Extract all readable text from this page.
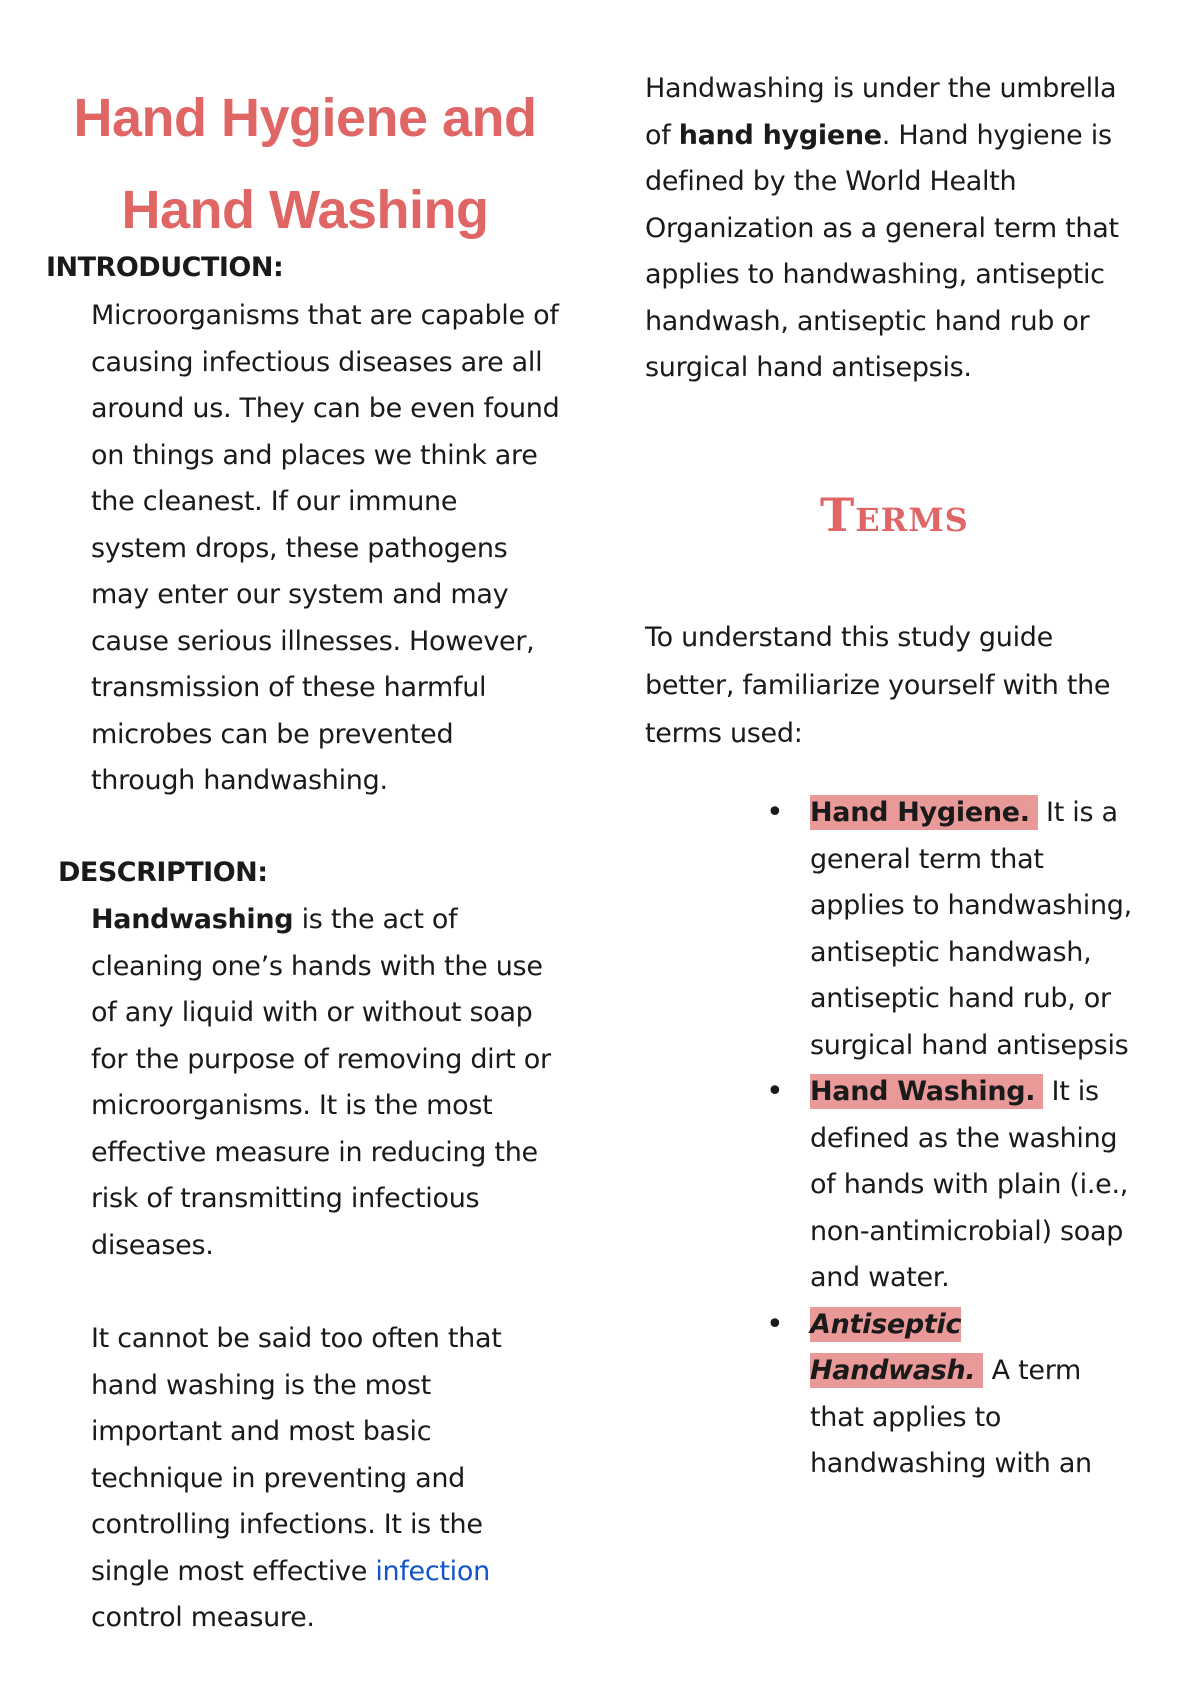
Hand Hygiene and
Hand Washing
INTRODUCTION:

Microorganisms that are capable of causing infectious diseases are all around us. They can be even found on things and places we think are the cleanest. If our immune system drops, these pathogens may enter our system and may cause serious illnesses. However, transmission of these harmful microbes can be prevented through handwashing.

DESCRIPTION:

Handwashing is the act of cleaning one’s hands with the use of any liquid with or without soap for the purpose of removing dirt or microorganisms. It is the most effective measure in reducing the risk of transmitting infectious diseases.

It cannot be said too often that hand washing is the most important and most basic technique in preventing and controlling infections. It is the single most effective infection control measure.

Handwashing is under the umbrella of hand hygiene. Hand hygiene is defined by the World Health Organization as a general term that applies to handwashing, antiseptic handwash, antiseptic hand rub or surgical hand antisepsis.

Terms

To understand this study guide better, familiarize yourself with the terms used:

• Hand Hygiene. It is a general term that applies to handwashing, antiseptic handwash, antiseptic hand rub, or surgical hand antisepsis
• Hand Washing. It is defined as the washing of hands with plain (i.e., non-antimicrobial) soap and water.
• Antiseptic Handwash. A term that applies to handwashing with an
